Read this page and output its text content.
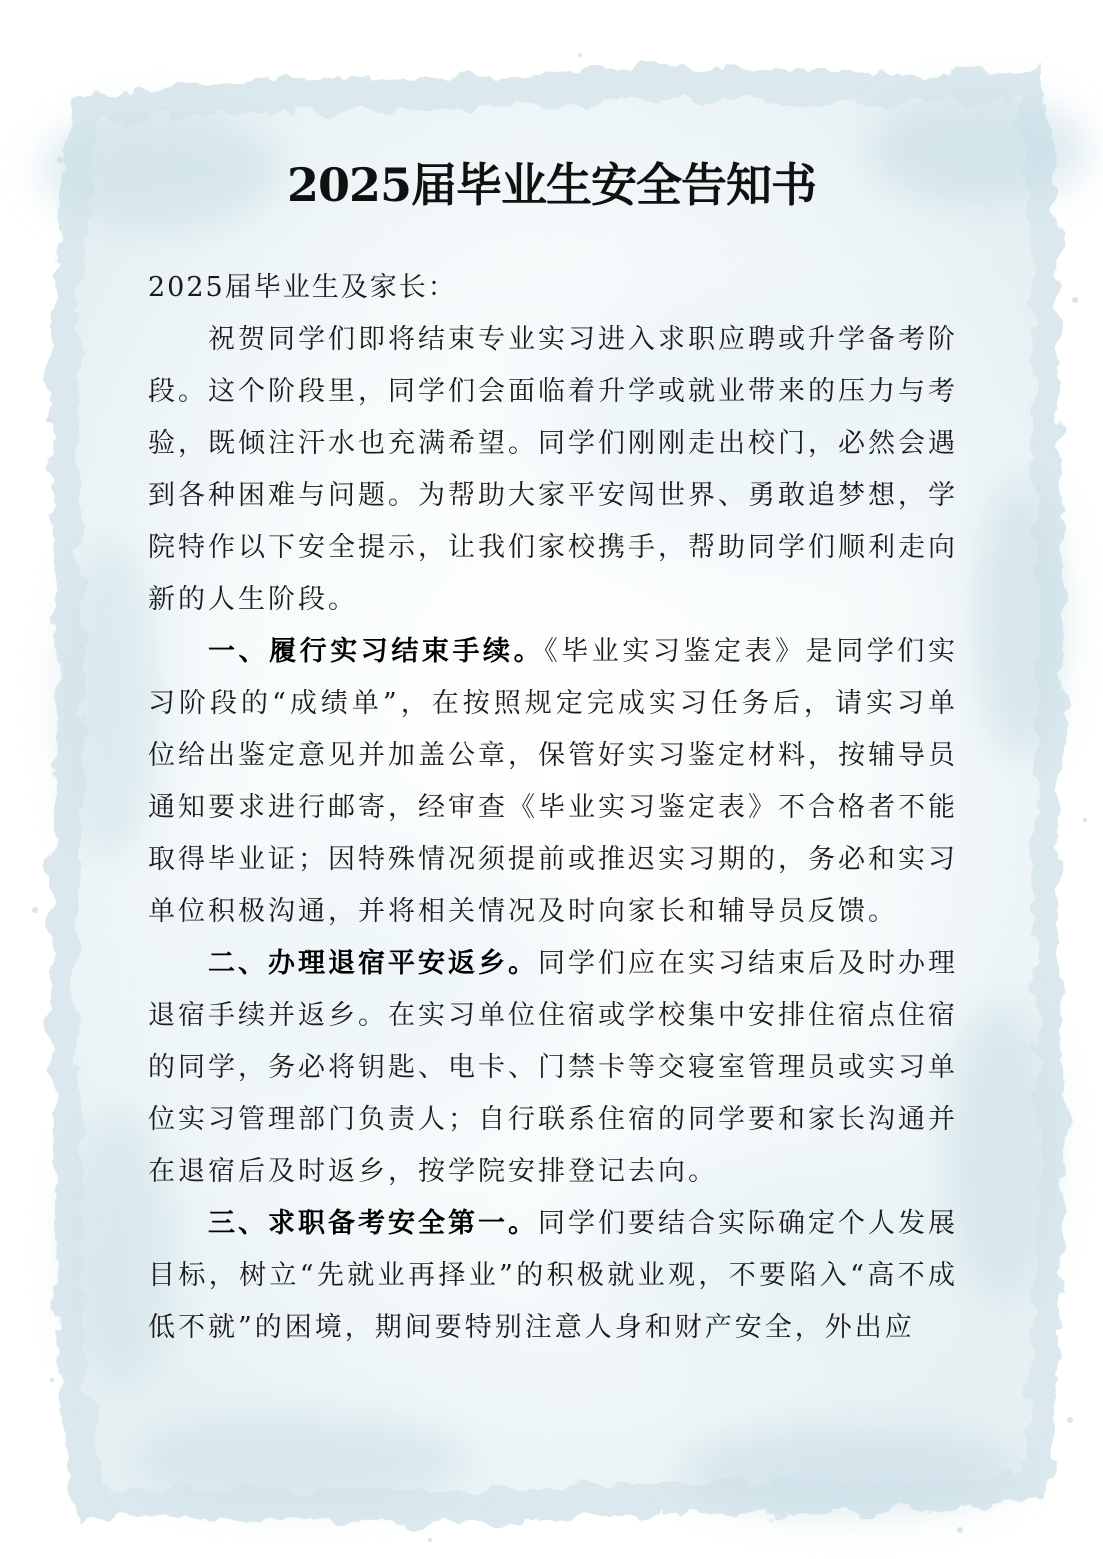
2025届毕业生安全告知书

2025届毕业生及家长：

祝贺同学们即将结束专业实习进入求职应聘或升学备考阶段。这个阶段里，同学们会面临着升学或就业带来的压力与考验，既倾注汗水也充满希望。同学们刚刚走出校门，必然会遇到各种困难与问题。为帮助大家平安闯世界、勇敢追梦想，学院特作以下安全提示，让我们家校携手，帮助同学们顺利走向新的人生阶段。

一、履行实习结束手续。《毕业实习鉴定表》是同学们实习阶段的“成绩单”，在按照规定完成实习任务后，请实习单位给出鉴定意见并加盖公章，保管好实习鉴定材料，按辅导员通知要求进行邮寄，经审查《毕业实习鉴定表》不合格者不能取得毕业证；因特殊情况须提前或推迟实习期的，务必和实习单位积极沟通，并将相关情况及时向家长和辅导员反馈。

二、办理退宿平安返乡。同学们应在实习结束后及时办理退宿手续并返乡。在实习单位住宿或学校集中安排住宿点住宿的同学，务必将钥匙、电卡、门禁卡等交寝室管理员或实习单位实习管理部门负责人；自行联系住宿的同学要和家长沟通并在退宿后及时返乡，按学院安排登记去向。

三、求职备考安全第一。同学们要结合实际确定个人发展目标，树立“先就业再择业”的积极就业观，不要陷入“高不成低不就”的困境，期间要特别注意人身和财产安全，外出应
